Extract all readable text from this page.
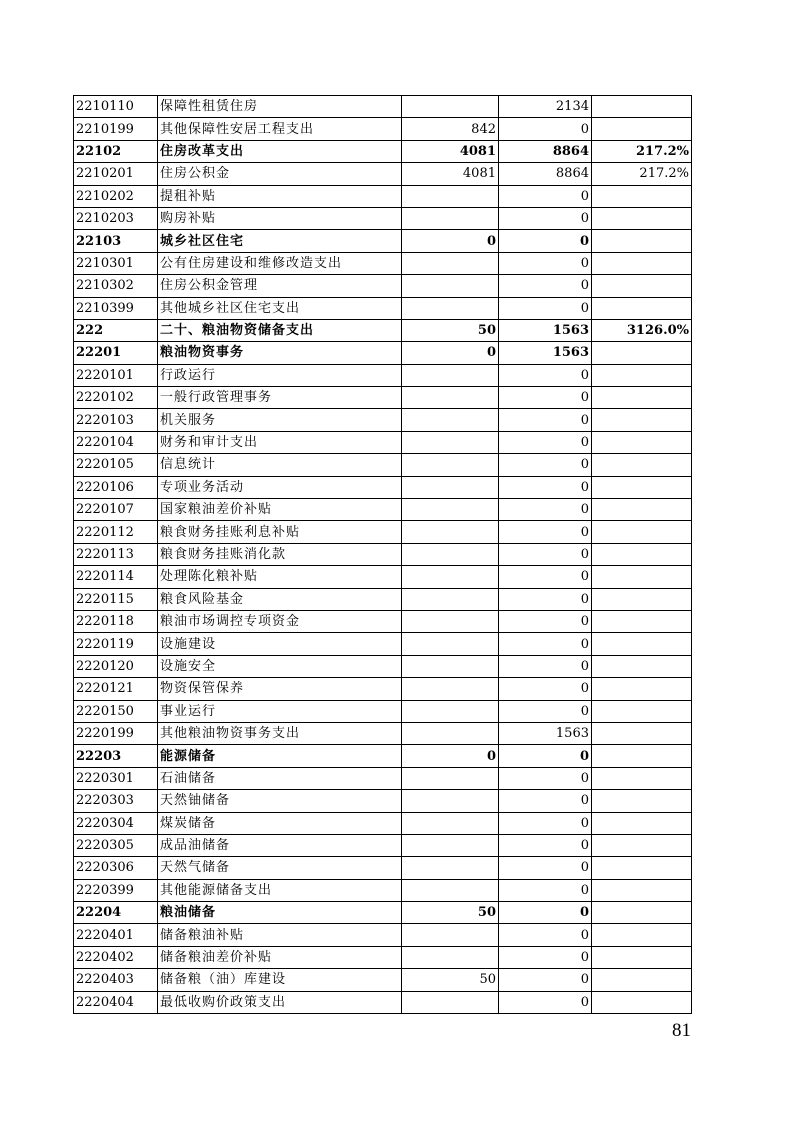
2210110	保障性租赁住房		2134	
2210199	其他保障性安居工程支出	842	0	
22102	住房改革支出	4081	8864	217.2%
2210201	住房公积金	4081	8864	217.2%
2210202	提租补贴		0	
2210203	购房补贴		0	
22103	城乡社区住宅	0	0	
2210301	公有住房建设和维修改造支出		0	
2210302	住房公积金管理		0	
2210399	其他城乡社区住宅支出		0	
222	二十、粮油物资储备支出	50	1563	3126.0%
22201	粮油物资事务	0	1563	
2220101	行政运行		0	
2220102	一般行政管理事务		0	
2220103	机关服务		0	
2220104	财务和审计支出		0	
2220105	信息统计		0	
2220106	专项业务活动		0	
2220107	国家粮油差价补贴		0	
2220112	粮食财务挂账利息补贴		0	
2220113	粮食财务挂账消化款		0	
2220114	处理陈化粮补贴		0	
2220115	粮食风险基金		0	
2220118	粮油市场调控专项资金		0	
2220119	设施建设		0	
2220120	设施安全		0	
2220121	物资保管保养		0	
2220150	事业运行		0	
2220199	其他粮油物资事务支出		1563	
22203	能源储备	0	0	
2220301	石油储备		0	
2220303	天然铀储备		0	
2220304	煤炭储备		0	
2220305	成品油储备		0	
2220306	天然气储备		0	
2220399	其他能源储备支出		0	
22204	粮油储备	50	0	
2220401	储备粮油补贴		0	
2220402	储备粮油差价补贴		0	
2220403	储备粮（油）库建设	50	0	
2220404	最低收购价政策支出		0	
81
